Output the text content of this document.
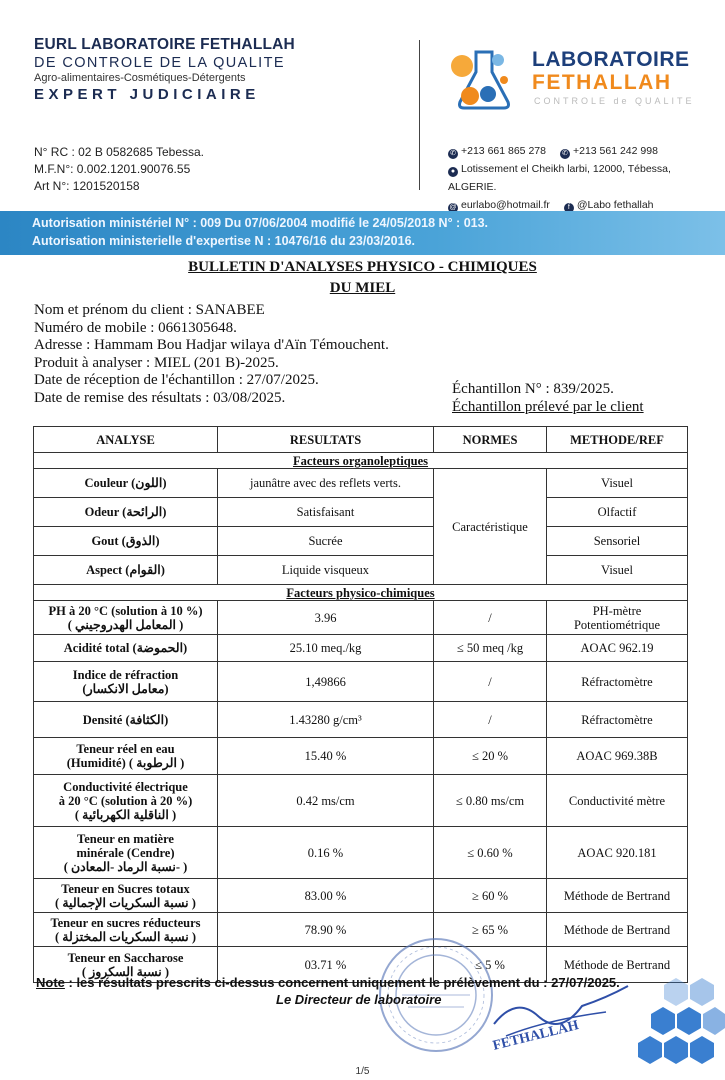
EURL LABORATOIRE FETHALLAH
DE CONTROLE DE LA QUALITE
Agro-alimentaires-Cosmétiques-Détergents
EXPERT JUDICIAIRE
LABORATOIRE
FETHALLAH
CONTROLE de QUALITE
N° RC : 02 B 0582685 Tebessa.
M.F.N°: 0.002.1201.90076.55
Art N°: 1201520158
✆ +213 661 865 278 ✆ +213 561 242 998
● Lotissement el Cheikh larbi, 12000, Tébessa, ALGERIE.
@ eurlabo@hotmail.fr	f @Labo fethallah
Autorisation ministériel N° : 009 Du 07/06/2004 modifié le 24/05/2018 N° : 013.
Autorisation ministerielle d'expertise N : 10476/16 du 23/03/2016.
BULLETIN D'ANALYSES PHYSICO - CHIMIQUES
DU MIEL
Nom et prénom du client : SANABEE
Numéro de mobile : 0661305648.
Adresse : Hammam Bou Hadjar wilaya d'Aïn Témouchent.
Produit à analyser : MIEL (201 B)-2025.
Date de réception de l'échantillon : 27/07/2025.
Date de remise des résultats : 03/08/2025.
Échantillon N° : 839/2025.
Échantillon prélevé par le client
ANALYSE	RESULTATS	NORMES	METHODE/REF
Facteurs organoleptiques			
Couleur (اللون)	jaunâtre avec des reflets verts.	Caractéristique	Visuel
Odeur (الرائحة)	Satisfaisant		Olfactif
Gout (الذوق)	Sucrée		Sensoriel
Aspect (القوام)	Liquide visqueux		Visuel
Facteurs physico-chimiques			

PH à 20 °C (solution à 10 %)
( المعامل الهدروجيني )	3.96	/	PH-mètre
Potentiométrique

Acidité total (الحموضة)	25.10 meq./kg	≤ 50 meq /kg	AOAC 962.19

Indice de réfraction
(معامل الانكسار)	1,49866	/	Réfractomètre
Densité (الكثافة)	1.43280 g/cm³	/	Réfractomètre

Teneur réel en eau
(Humidité) ( الرطوبة )	15.40 %	≤ 20 %	AOAC 969.38B

Conductivité électrique
à 20 °C (solution à 20 %)
( الناقلية الكهربائية )	0.42 ms/cm	≤ 0.80 ms/cm	Conductivité mètre

Teneur en matière
minérale (Cendre)
( نسبة الرماد -المعادن- )	0.16 %	≤ 0.60 %	AOAC 920.181

Teneur en Sucres totaux
( نسبة السكريات الإجمالية )	83.00 %	≥ 60 %	Méthode de Bertrand

Teneur en sucres réducteurs
( نسبة السكريات المختزلة )	78.90 %	≥ 65 %	Méthode de Bertrand

Teneur en Saccharose
( نسبة السكروز )	03.71 %	≤ 5 %	Méthode de Bertrand
FETHALLAH
Note : les résultats prescrits ci-dessus concernent uniquement le prélèvement du : 27/07/2025.
Le Directeur de laboratoire
1/5
